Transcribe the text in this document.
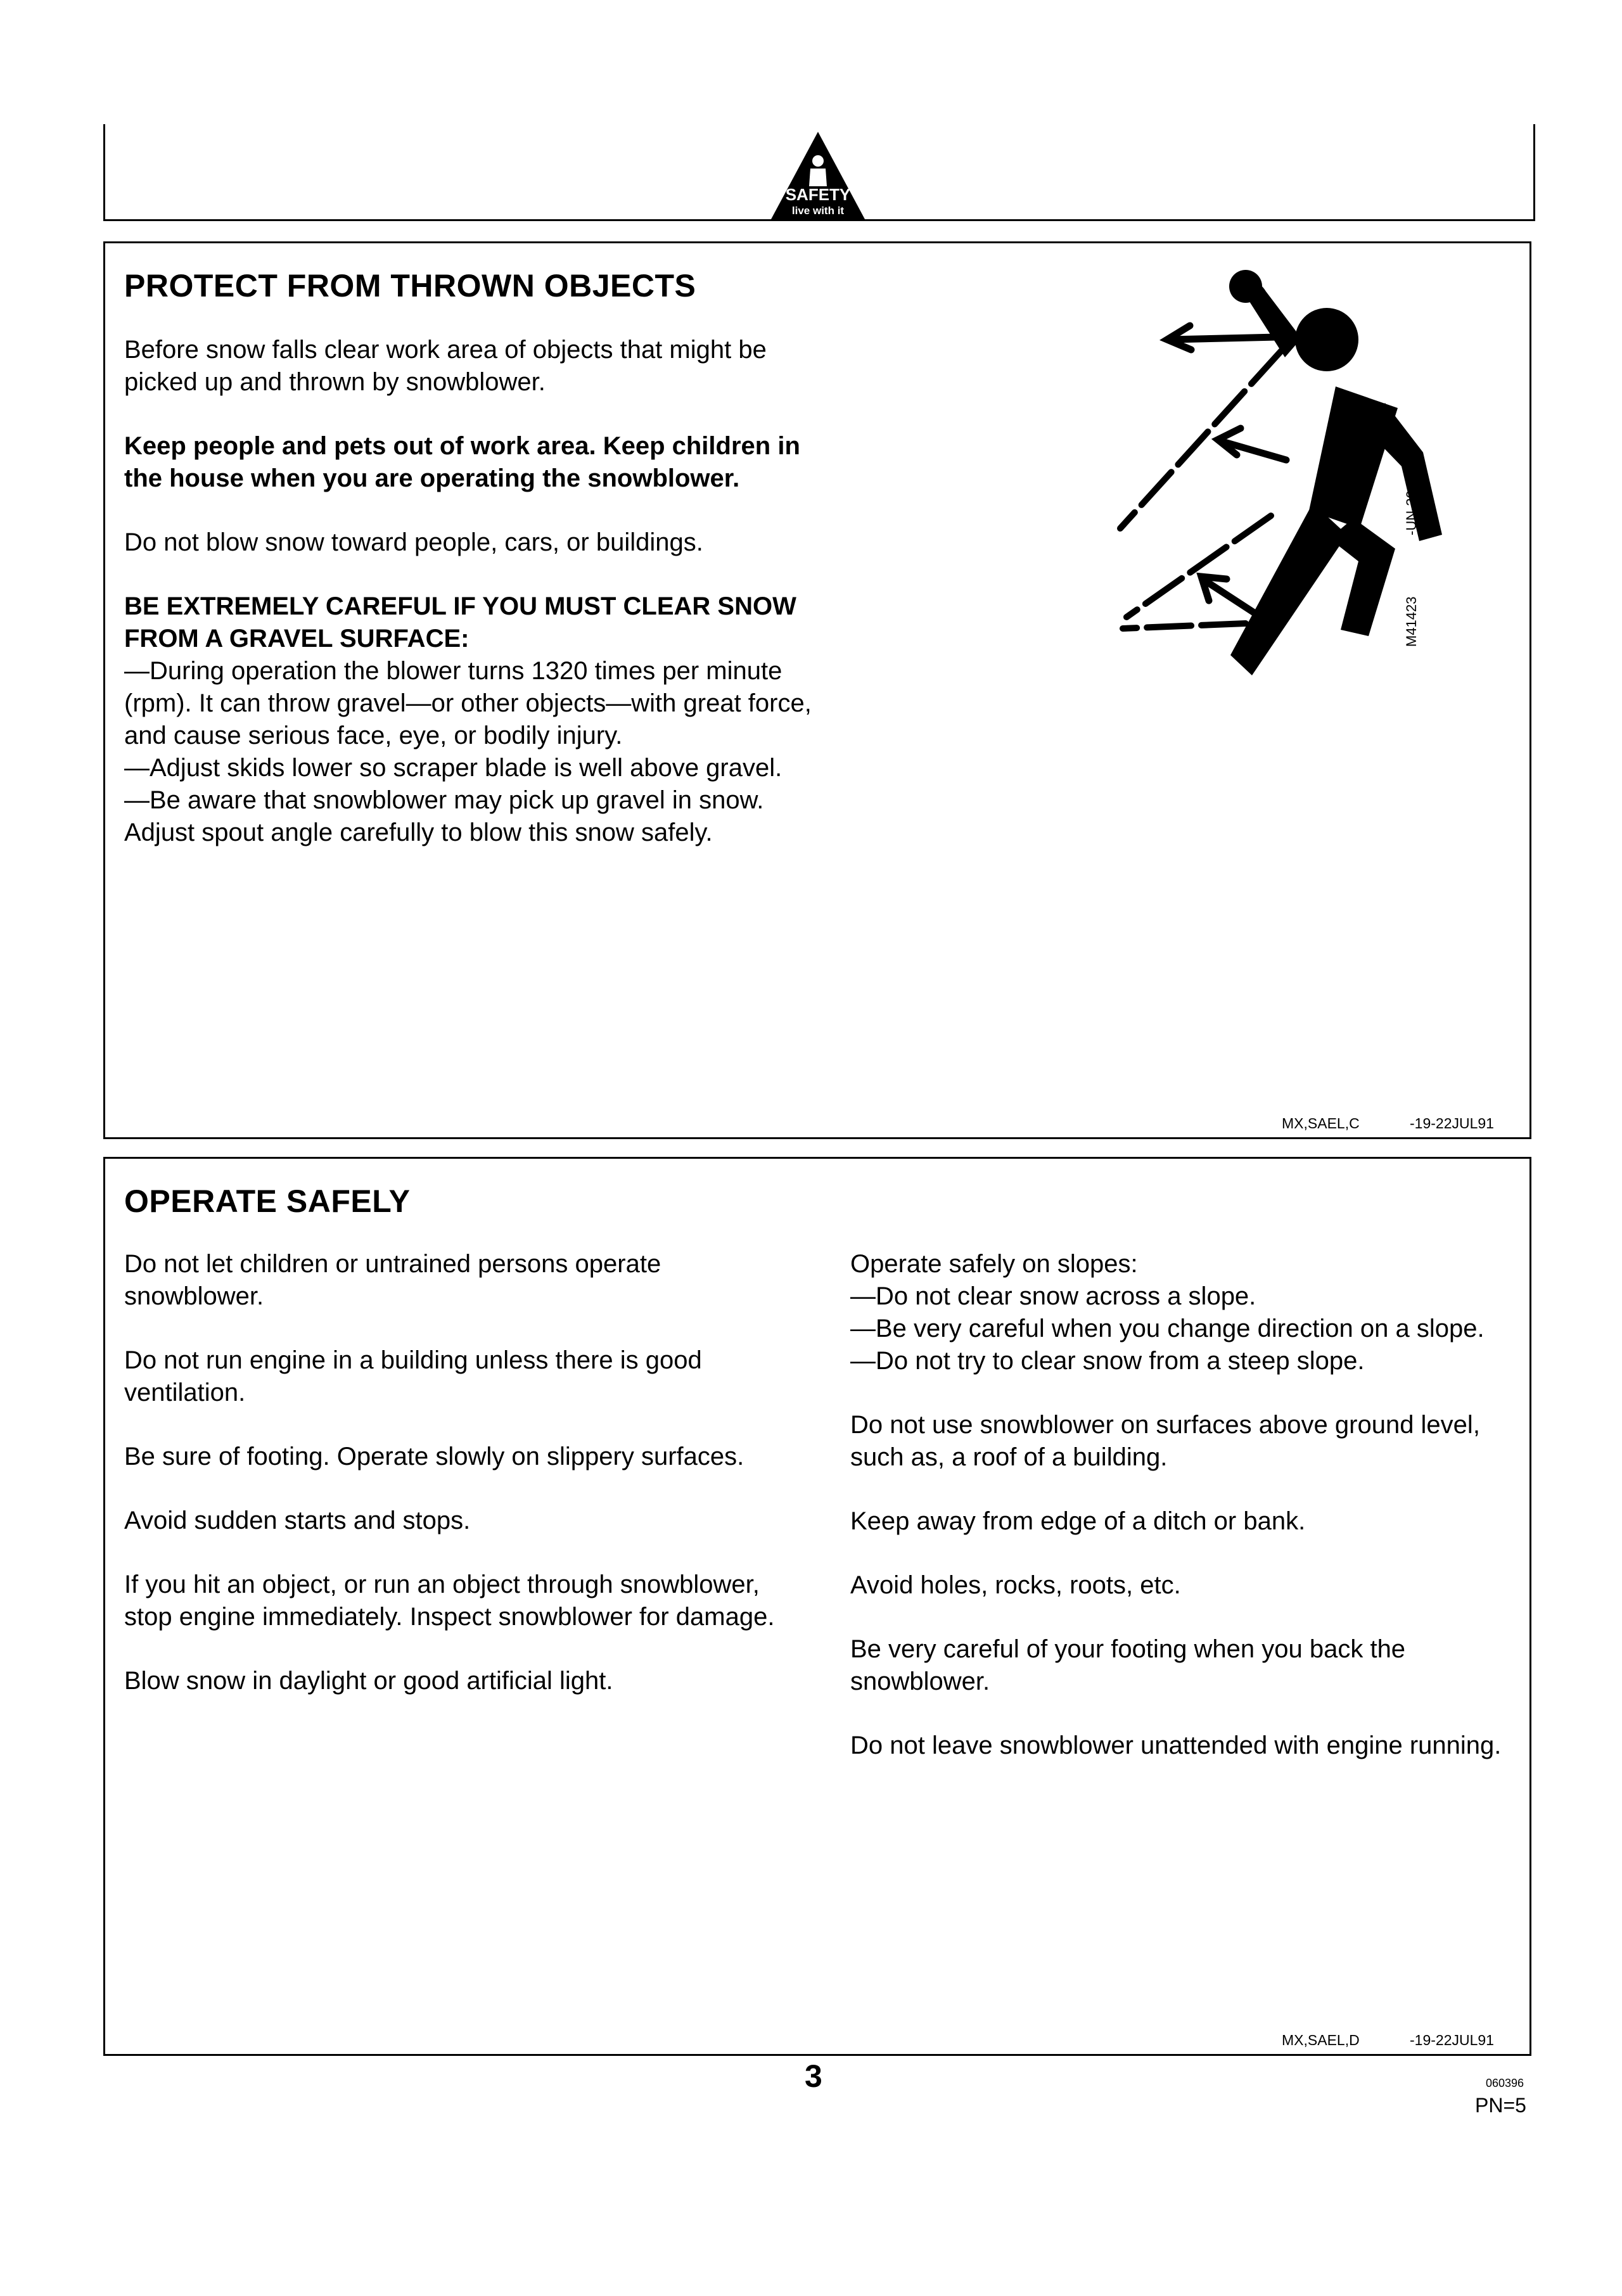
SAFETY
live with it
PROTECT FROM THROWN OBJECTS

Before snow falls clear work area of objects that might be picked up and thrown by snowblower.

Keep people and pets out of work area. Keep children in the house when you are operating the snowblower.

Do not blow snow toward people, cars, or buildings.

BE EXTREMELY CAREFUL IF YOU MUST CLEAR SNOW FROM A GRAVEL SURFACE:

—During operation the blower turns 1320 times per minute (rpm). It can throw gravel—or other objects—with great force, and cause serious face, eye, or bodily injury.

—Adjust skids lower so scraper blade is well above gravel.

—Be aware that snowblower may pick up gravel in snow. Adjust spout angle carefully to blow this snow safely.

M41423
-UN-30AUG88
MX,SAEL,C	-19-22JUL91
OPERATE SAFELY

Do not let children or untrained persons operate snowblower.

Do not run engine in a building unless there is good ventilation.

Be sure of footing. Operate slowly on slippery surfaces.

Avoid sudden starts and stops.

If you hit an object, or run an object through snowblower, stop engine immediately. Inspect snowblower for damage.

Blow snow in daylight or good artificial light.

Operate safely on slopes:

—Do not clear snow across a slope.

—Be very careful when you change direction on a slope.

—Do not try to clear snow from a steep slope.

Do not use snowblower on surfaces above ground level, such as, a roof of a building.

Keep away from edge of a ditch or bank.

Avoid holes, rocks, roots, etc.

Be very careful of your footing when you back the snowblower.

Do not leave snowblower unattended with engine running.

MX,SAEL,D	-19-22JUL91
3	060396
PN=5
